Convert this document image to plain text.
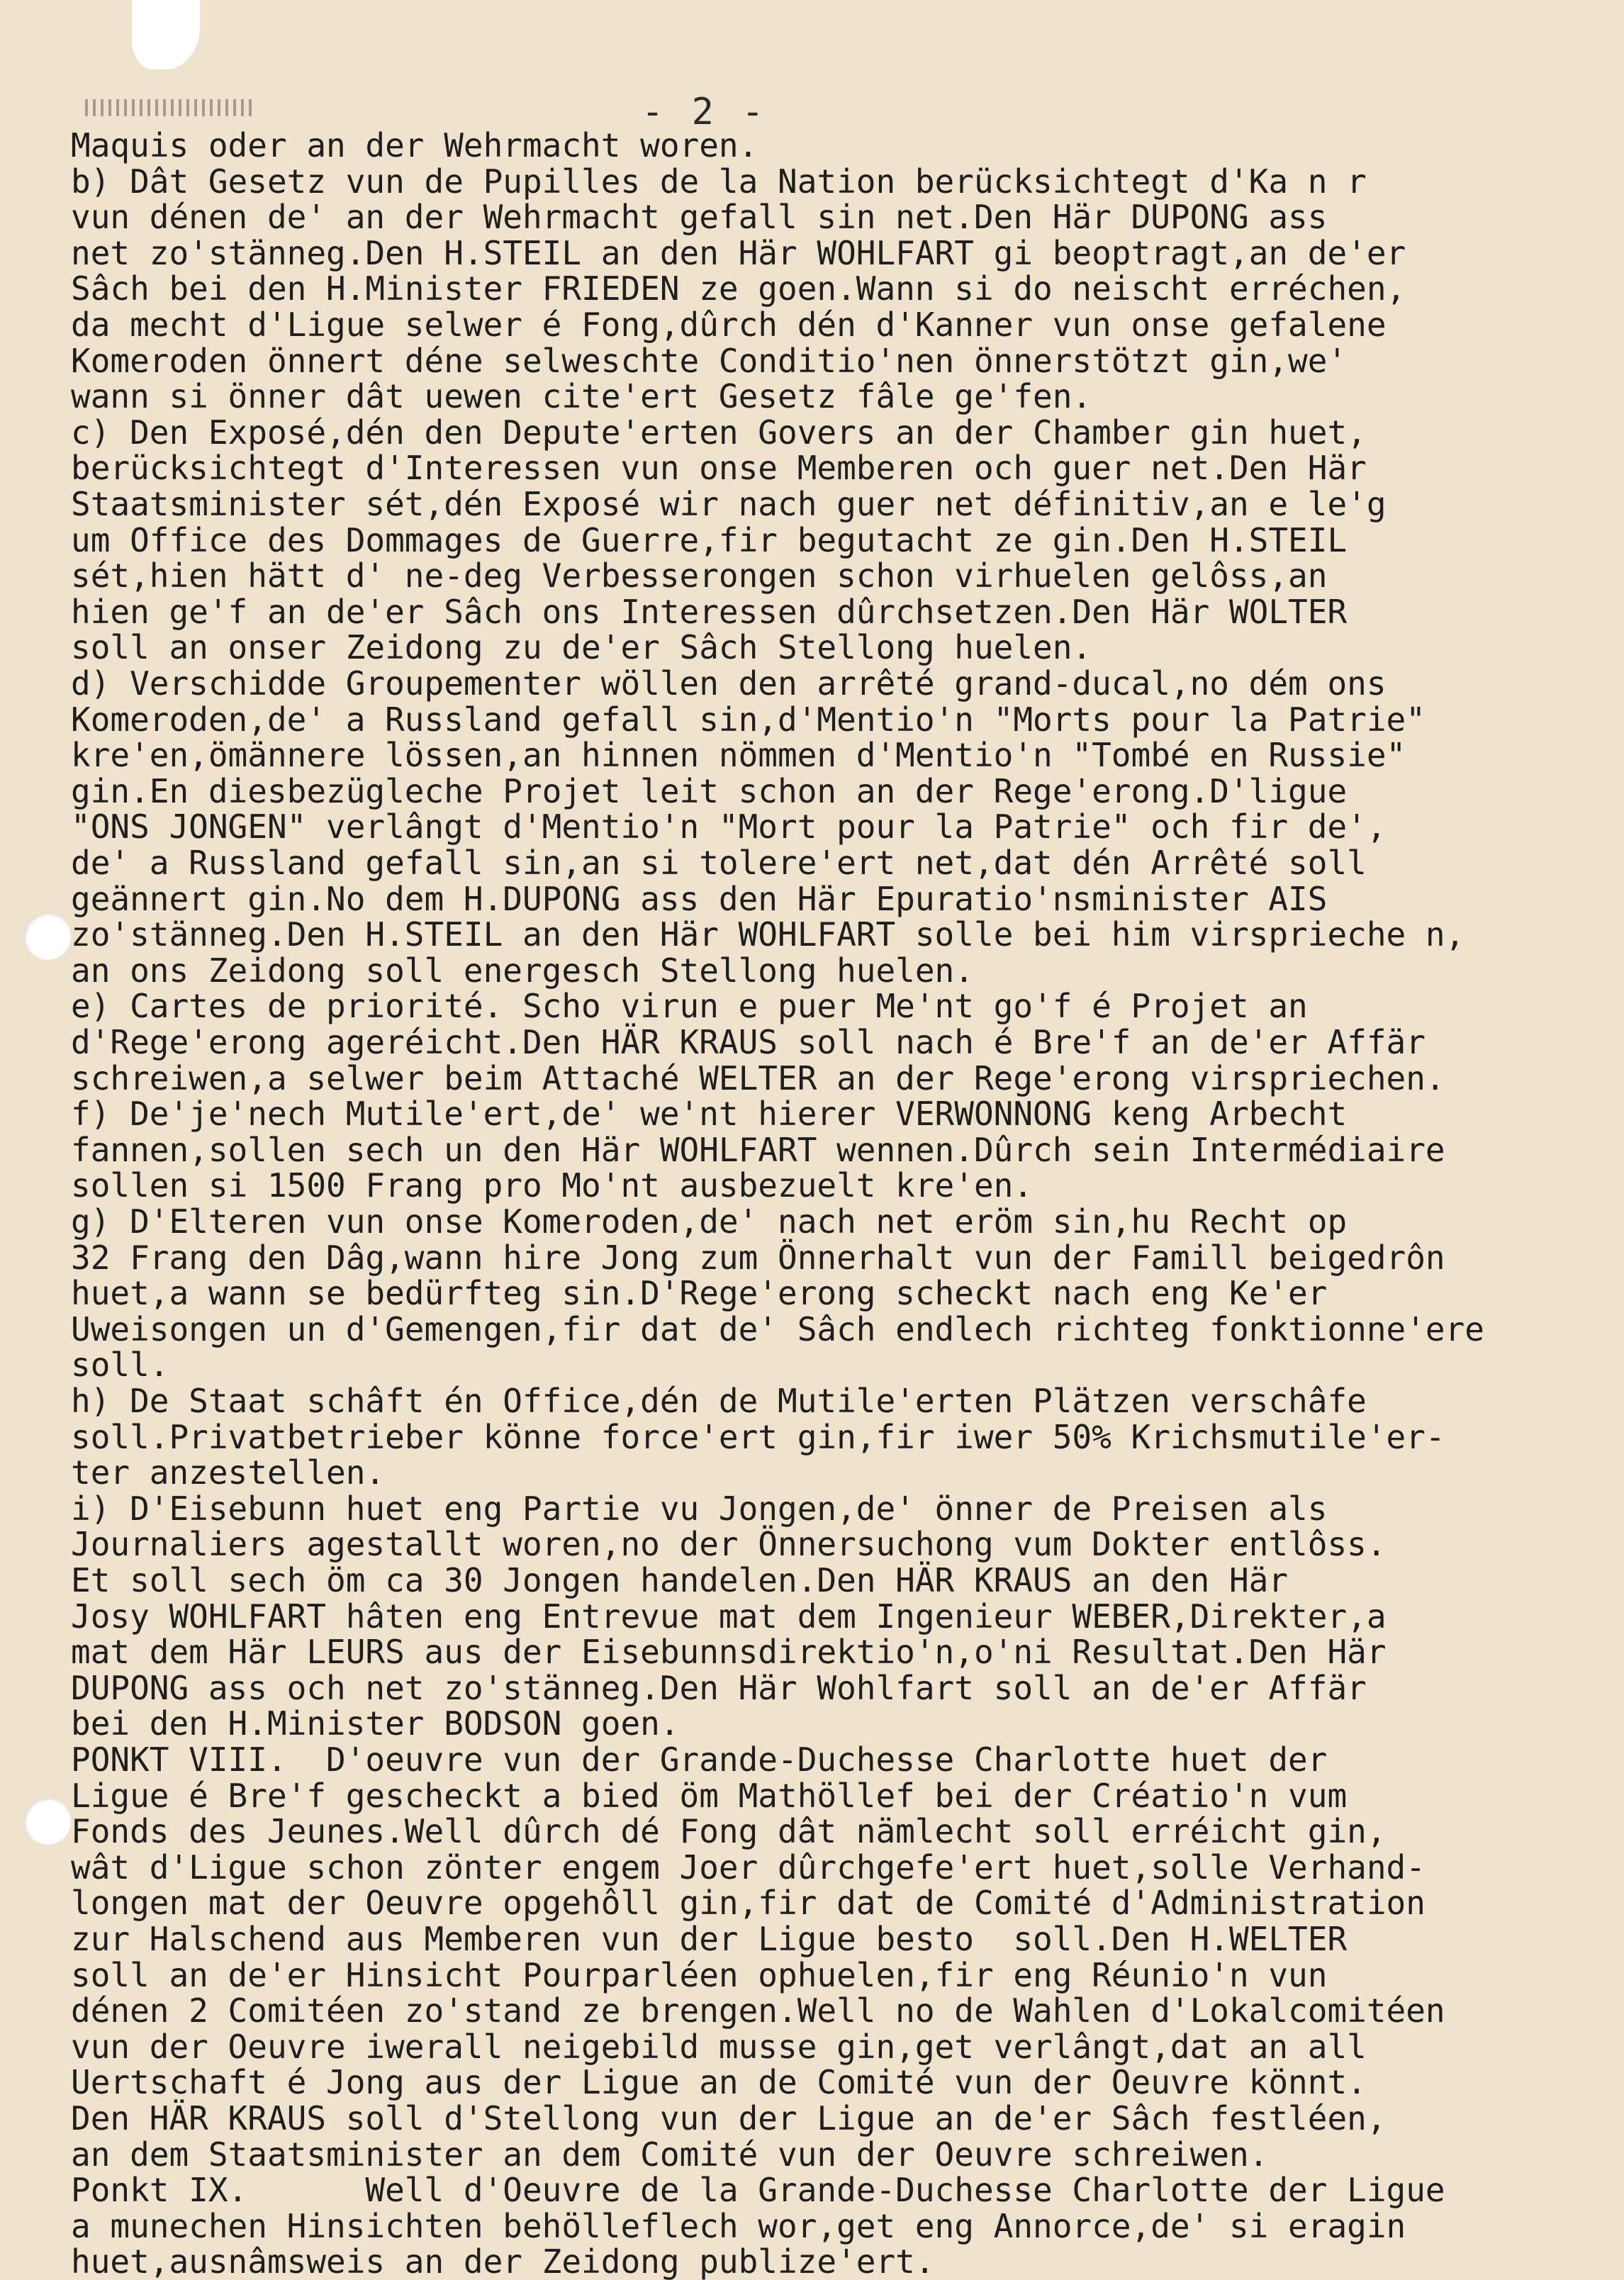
- 2 -
Maquis oder an der Wehrmacht woren.
b) Dât Gesetz vun de Pupilles de la Nation berücksichtegt d'Ka n r
vun dénen de' an der Wehrmacht gefall sin net.Den Här DUPONG ass
net zo'stänneg.Den H.STEIL an den Här WOHLFART gi beoptragt,an de'er
Sâch bei den H.Minister FRIEDEN ze goen.Wann si do neischt erréchen,
da mecht d'Ligue selwer é Fong,dûrch dén d'Kanner vun onse gefalene
Komeroden önnert déne selweschte Conditio'nen önnerstötzt gin,we'
wann si önner dât uewen cite'ert Gesetz fâle ge'fen.
c) Den Exposé,dén den Depute'erten Govers an der Chamber gin huet,
berücksichtegt d'Interessen vun onse Memberen och guer net.Den Här
Staatsminister sét,dén Exposé wir nach guer net définitiv,an e le'g
um Office des Dommages de Guerre,fir begutacht ze gin.Den H.STEIL
sét,hien hätt d' ne-deg Verbesserongen schon virhuelen gelôss,an
hien ge'f an de'er Sâch ons Interessen dûrchsetzen.Den Här WOLTER
soll an onser Zeidong zu de'er Sâch Stellong huelen.
d) Verschidde Groupementer wöllen den arrêté grand-ducal,no dém ons
Komeroden,de' a Russland gefall sin,d'Mentio'n "Morts pour la Patrie"
kre'en,ömännere lössen,an hinnen nömmen d'Mentio'n "Tombé en Russie"
gin.En diesbezügleche Projet leit schon an der Rege'erong.D'ligue
"ONS JONGEN" verlângt d'Mentio'n "Mort pour la Patrie" och fir de',
de' a Russland gefall sin,an si tolere'ert net,dat dén Arrêté soll
geännert gin.No dem H.DUPONG ass den Här Epuratio'nsminister AIS
zo'stänneg.Den H.STEIL an den Här WOHLFART solle bei him virsprieche n,
an ons Zeidong soll energesch Stellong huelen.
e) Cartes de priorité. Scho virun e puer Me'nt go'f é Projet an
d'Rege'erong ageréicht.Den HÄR KRAUS soll nach é Bre'f an de'er Affär
schreiwen,a selwer beim Attaché WELTER an der Rege'erong virspriechen.
f) De'je'nech Mutile'ert,de' we'nt hierer VERWONNONG keng Arbecht
fannen,sollen sech un den Här WOHLFART wennen.Dûrch sein Intermédiaire
sollen si 1500 Frang pro Mo'nt ausbezuelt kre'en.
g) D'Elteren vun onse Komeroden,de' nach net eröm sin,hu Recht op
32 Frang den Dâg,wann hire Jong zum Önnerhalt vun der Famill beigedrôn
huet,a wann se bedürfteg sin.D'Rege'erong scheckt nach eng Ke'er
Uweisongen un d'Gemengen,fir dat de' Sâch endlech richteg fonktionne'ere
soll.
h) De Staat schâft én Office,dén de Mutile'erten Plätzen verschâfe
soll.Privatbetrieber könne force'ert gin,fir iwer 50% Krichsmutile'er-
ter anzestellen.
i) D'Eisebunn huet eng Partie vu Jongen,de' önner de Preisen als
Journaliers agestallt woren,no der Önnersuchong vum Dokter entlôss.
Et soll sech öm ca 30 Jongen handelen.Den HÄR KRAUS an den Här
Josy WOHLFART hâten eng Entrevue mat dem Ingenieur WEBER,Direkter,a
mat dem Här LEURS aus der Eisebunnsdirektio'n,o'ni Resultat.Den Här
DUPONG ass och net zo'stänneg.Den Här Wohlfart soll an de'er Affär
bei den H.Minister BODSON goen.
PONKT VIII.  D'oeuvre vun der Grande-Duchesse Charlotte huet der
Ligue é Bre'f gescheckt a bied öm Mathöllef bei der Créatio'n vum
Fonds des Jeunes.Well dûrch dé Fong dât nämlecht soll erréicht gin,
wât d'Ligue schon zönter engem Joer dûrchgefe'ert huet,solle Verhand-
longen mat der Oeuvre opgehôll gin,fir dat de Comité d'Administration
zur Halschend aus Memberen vun der Ligue besto  soll.Den H.WELTER
soll an de'er Hinsicht Pourparléen ophuelen,fir eng Réunio'n vun
dénen 2 Comitéen zo'stand ze brengen.Well no de Wahlen d'Lokalcomitéen
vun der Oeuvre iwerall neigebild musse gin,get verlângt,dat an all
Uertschaft é Jong aus der Ligue an de Comité vun der Oeuvre könnt.
Den HÄR KRAUS soll d'Stellong vun der Ligue an de'er Sâch festléen,
an dem Staatsminister an dem Comité vun der Oeuvre schreiwen.
Ponkt IX.      Well d'Oeuvre de la Grande-Duchesse Charlotte der Ligue
a munechen Hinsichten behölleflech wor,get eng Annorce,de' si eragin
huet,ausnâmsweis an der Zeidong publize'ert.
